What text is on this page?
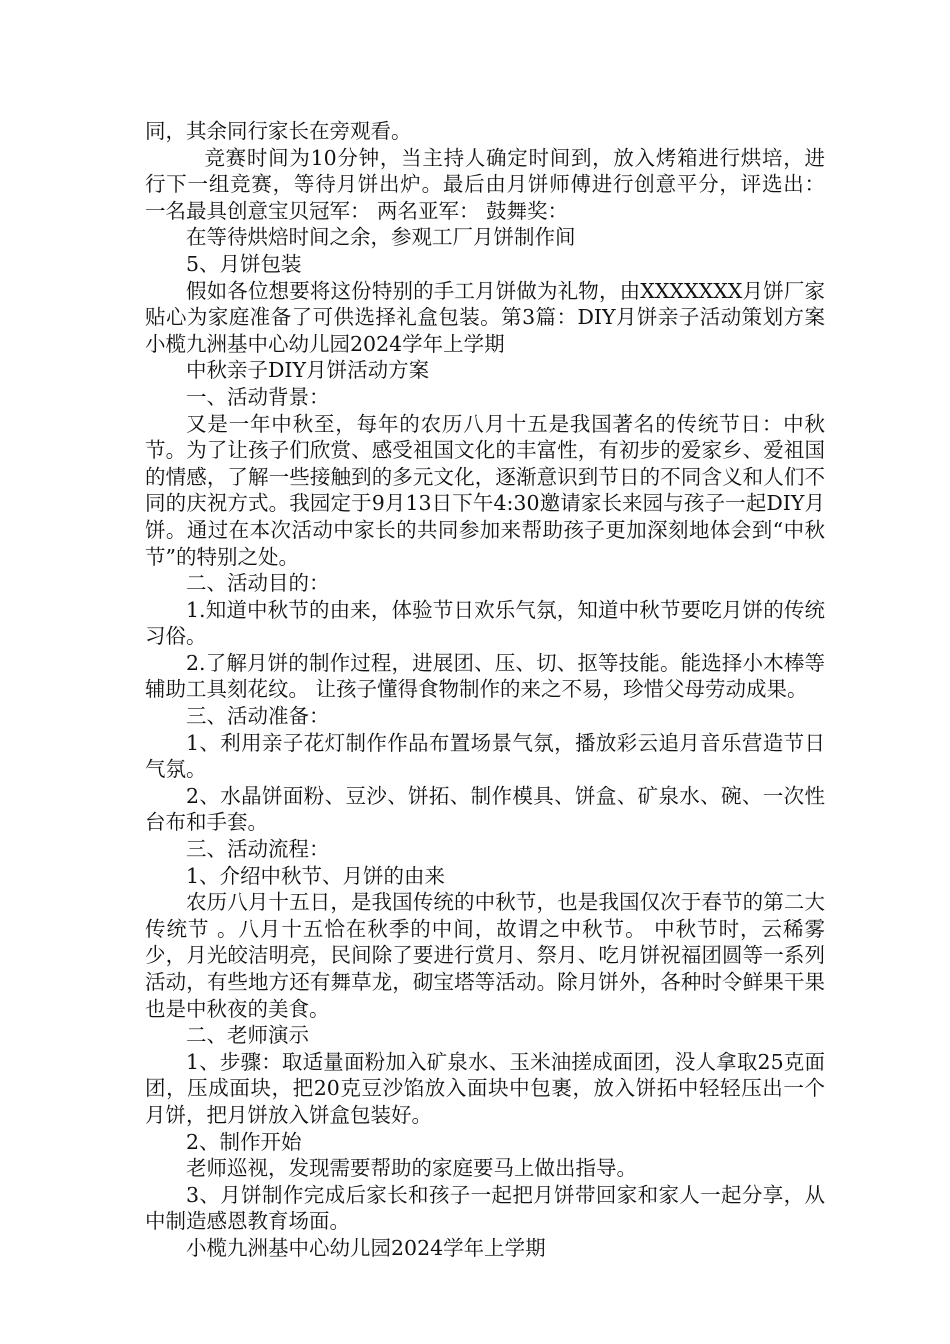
同，其余同行家长在旁观看。

竞赛时间为10分钟，当主持人确定时间到，放入烤箱进行烘培，进行下一组竞赛，等待月饼出炉。最后由月饼师傅进行创意平分，评选出： 一名最具创意宝贝冠军： 两名亚军： 鼓舞奖：

在等待烘焙时间之余，参观工厂月饼制作间

5、月饼包装

假如各位想要将这份特别的手工月饼做为礼物，由XXXXXXX月饼厂家 贴心为家庭准备了可供选择礼盒包装。第3篇：DIY月饼亲子活动策划方案小榄九洲基中心幼儿园2024学年上学期

中秋亲子DIY月饼活动方案

一、活动背景：

又是一年中秋至，每年的农历八月十五是我国著名的传统节日：中秋节。为了让孩子们欣赏、感受祖国文化的丰富性，有初步的爱家乡、爱祖国的情感，了解一些接触到的多元文化，逐渐意识到节日的不同含义和人们不同的庆祝方式。我园定于9月13日下午4:30邀请家长来园与孩子一起DIY月饼。通过在本次活动中家长的共同参加来帮助孩子更加深刻地体会到“中秋节”的特别之处。

二、活动目的：

1.知道中秋节的由来，体验节日欢乐气氛，知道中秋节要吃月饼的传统习俗。

2.了解月饼的制作过程，进展团、压、切、抠等技能。能选择小木棒等辅助工具刻花纹。 让孩子懂得食物制作的来之不易，珍惜父母劳动成果。

三、活动准备：

1、利用亲子花灯制作作品布置场景气氛，播放彩云追月音乐营造节日气氛。

2、水晶饼面粉、豆沙、饼拓、制作模具、饼盒、矿泉水、碗、一次性台布和手套。

三、活动流程：

1、介绍中秋节、月饼的由来

农历八月十五日，是我国传统的中秋节，也是我国仅次于春节的第二大传统节 。八月十五恰在秋季的中间，故谓之中秋节。 中秋节时，云稀雾少，月光皎洁明亮，民间除了要进行赏月、祭月、吃月饼祝福团圆等一系列活动，有些地方还有舞草龙，砌宝塔等活动。除月饼外，各种时令鲜果干果也是中秋夜的美食。

二、老师演示

1、步骤：取适量面粉加入矿泉水、玉米油搓成面团，没人拿取25克面团，压成面块，把20克豆沙馅放入面块中包裹，放入饼拓中轻轻压出一个月饼，把月饼放入饼盒包装好。

2、制作开始

老师巡视，发现需要帮助的家庭要马上做出指导。

3、月饼制作完成后家长和孩子一起把月饼带回家和家人一起分享，从中制造感恩教育场面。

小榄九洲基中心幼儿园2024学年上学期
